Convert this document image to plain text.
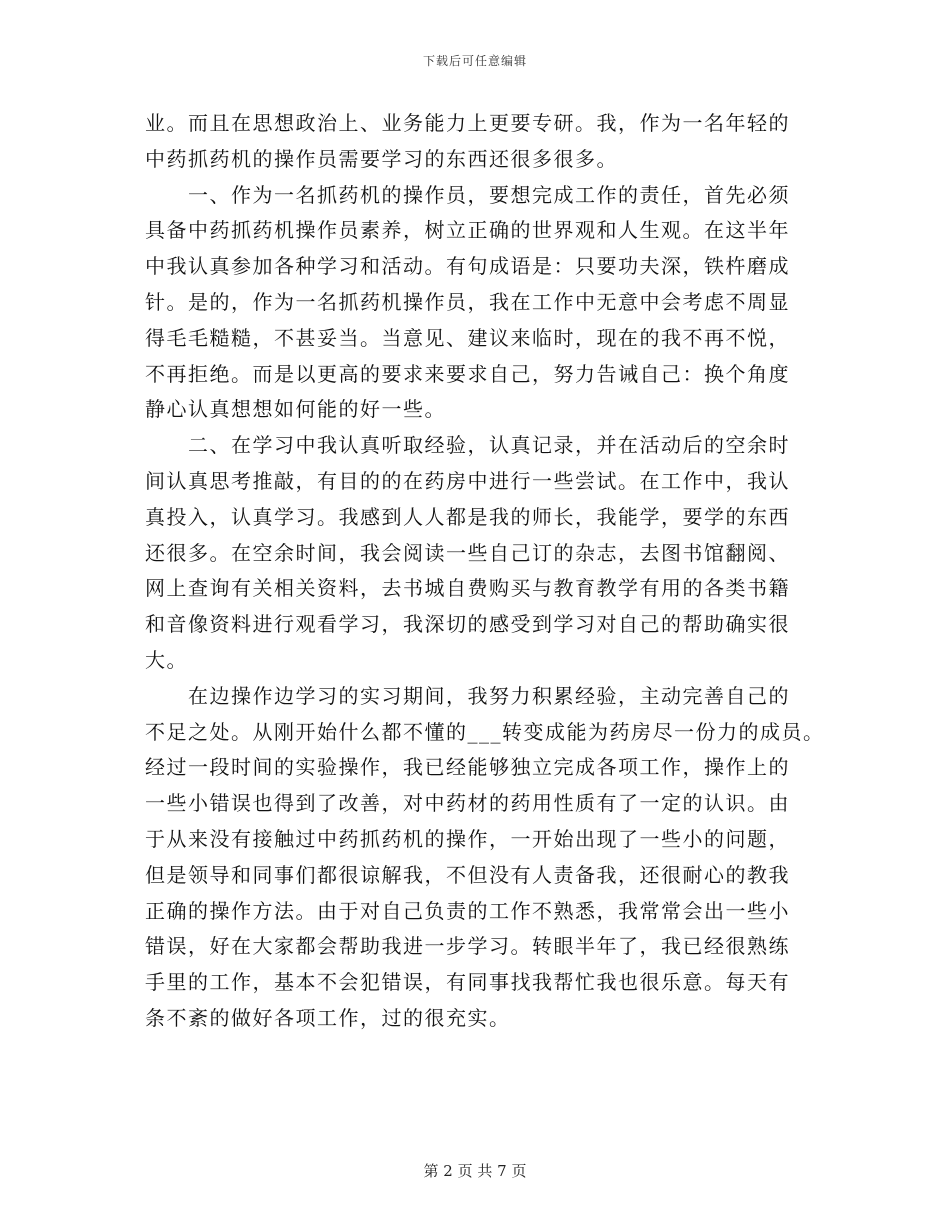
下载后可任意编辑
业。而且在思想政治上、业务能力上更要专研。我，作为一名年轻的
中药抓药机的操作员需要学习的东西还很多很多。
　　一、作为一名抓药机的操作员，要想完成工作的责任，首先必须
具备中药抓药机操作员素养，树立正确的世界观和人生观。在这半年
中我认真参加各种学习和活动。有句成语是：只要功夫深，铁杵磨成
针。是的，作为一名抓药机操作员，我在工作中无意中会考虑不周显
得毛毛糙糙，不甚妥当。当意见、建议来临时，现在的我不再不悦，
不再拒绝。而是以更高的要求来要求自己，努力告诫自己：换个角度
静心认真想想如何能的好一些。
　　二、在学习中我认真听取经验，认真记录，并在活动后的空余时
间认真思考推敲，有目的的在药房中进行一些尝试。在工作中，我认
真投入，认真学习。我感到人人都是我的师长，我能学，要学的东西
还很多。在空余时间，我会阅读一些自己订的杂志，去图书馆翻阅、
网上查询有关相关资料，去书城自费购买与教育教学有用的各类书籍
和音像资料进行观看学习，我深切的感受到学习对自己的帮助确实很
大。
　　在边操作边学习的实习期间，我努力积累经验，主动完善自己的
不足之处。从刚开始什么都不懂的___转变成能为药房尽一份力的成员。
经过一段时间的实验操作，我已经能够独立完成各项工作，操作上的
一些小错误也得到了改善，对中药材的药用性质有了一定的认识。由
于从来没有接触过中药抓药机的操作，一开始出现了一些小的问题，
但是领导和同事们都很谅解我，不但没有人责备我，还很耐心的教我
正确的操作方法。由于对自己负责的工作不熟悉，我常常会出一些小
错误，好在大家都会帮助我进一步学习。转眼半年了，我已经很熟练
手里的工作，基本不会犯错误，有同事找我帮忙我也很乐意。每天有
条不紊的做好各项工作，过的很充实。
第 2 页 共 7 页
